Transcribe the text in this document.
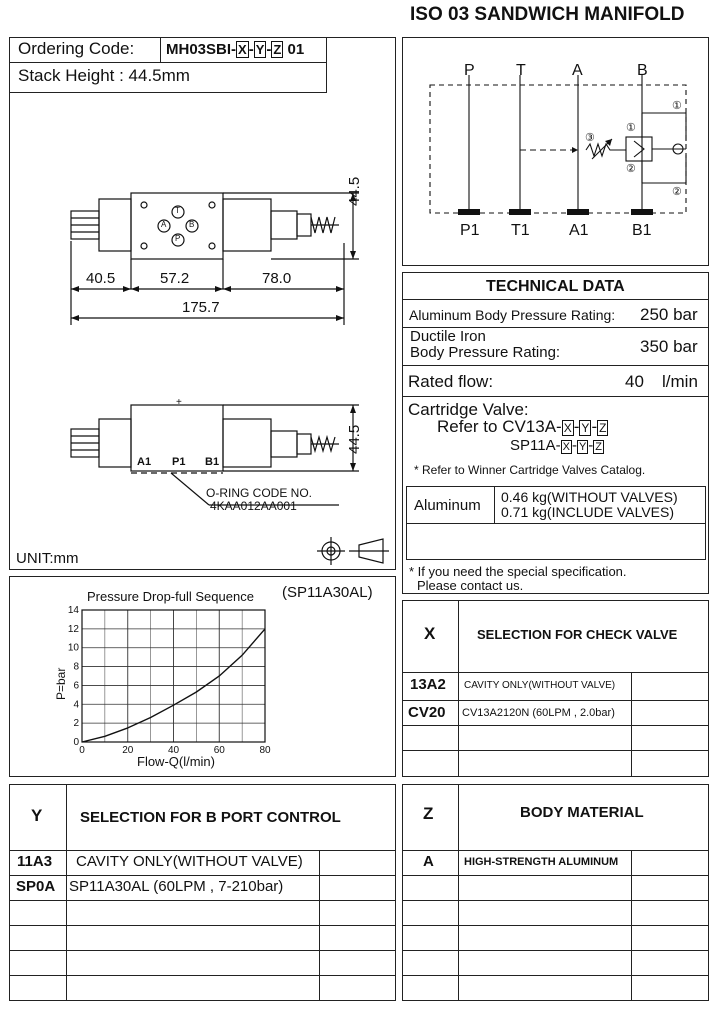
ISO 03 SANDWICH MANIFOLD
Ordering Code: MH03SBI- X - Y - Z 01
Stack Height : 44.5mm
+
40.5	57.2	78.0
175.7
44.5
44.5
T
A	B
P
A1 P1 B1
O-RING CODE NO.
4KAA012AA001
UNIT:mm
P	T	A	B
P1 T1 A1	B1
①
③
①
②
②
TECHNICAL DATA
Aluminum Body Pressure Rating: 250 bar
Ductile Iron
Body Pressure Rating:	350 bar
Rated flow:	40 l/min
Cartridge Valve:
Refer to CV13A- X - Y - Z
SP11A- X - Y - Z
* Refer to Winner Cartridge Valves Catalog.
Aluminum 0.46 kg(WITHOUT VALVES)
0.71 kg(INCLUDE VALVES)
* If you need the special specification.
Please contact us.
Pressure Drop-full Sequence (SP11A30AL)
Flow-Q(l/min)
P=bar
0
2
4
6
8
10
12
14
0	20	40	60	80
X	SELECTION FOR CHECK VALVE
13A2 CAVITY ONLY(WITHOUT VALVE)
CV20 CV13A2120N (60LPM , 2.0bar)
Y	SELECTION FOR B PORT CONTROL
11A3 CAVITY ONLY(WITHOUT VALVE)
SP0A SP11A30AL (60LPM , 7-210bar)
Z	BODY MATERIAL
A	HIGH-STRENGTH ALUMINUM
